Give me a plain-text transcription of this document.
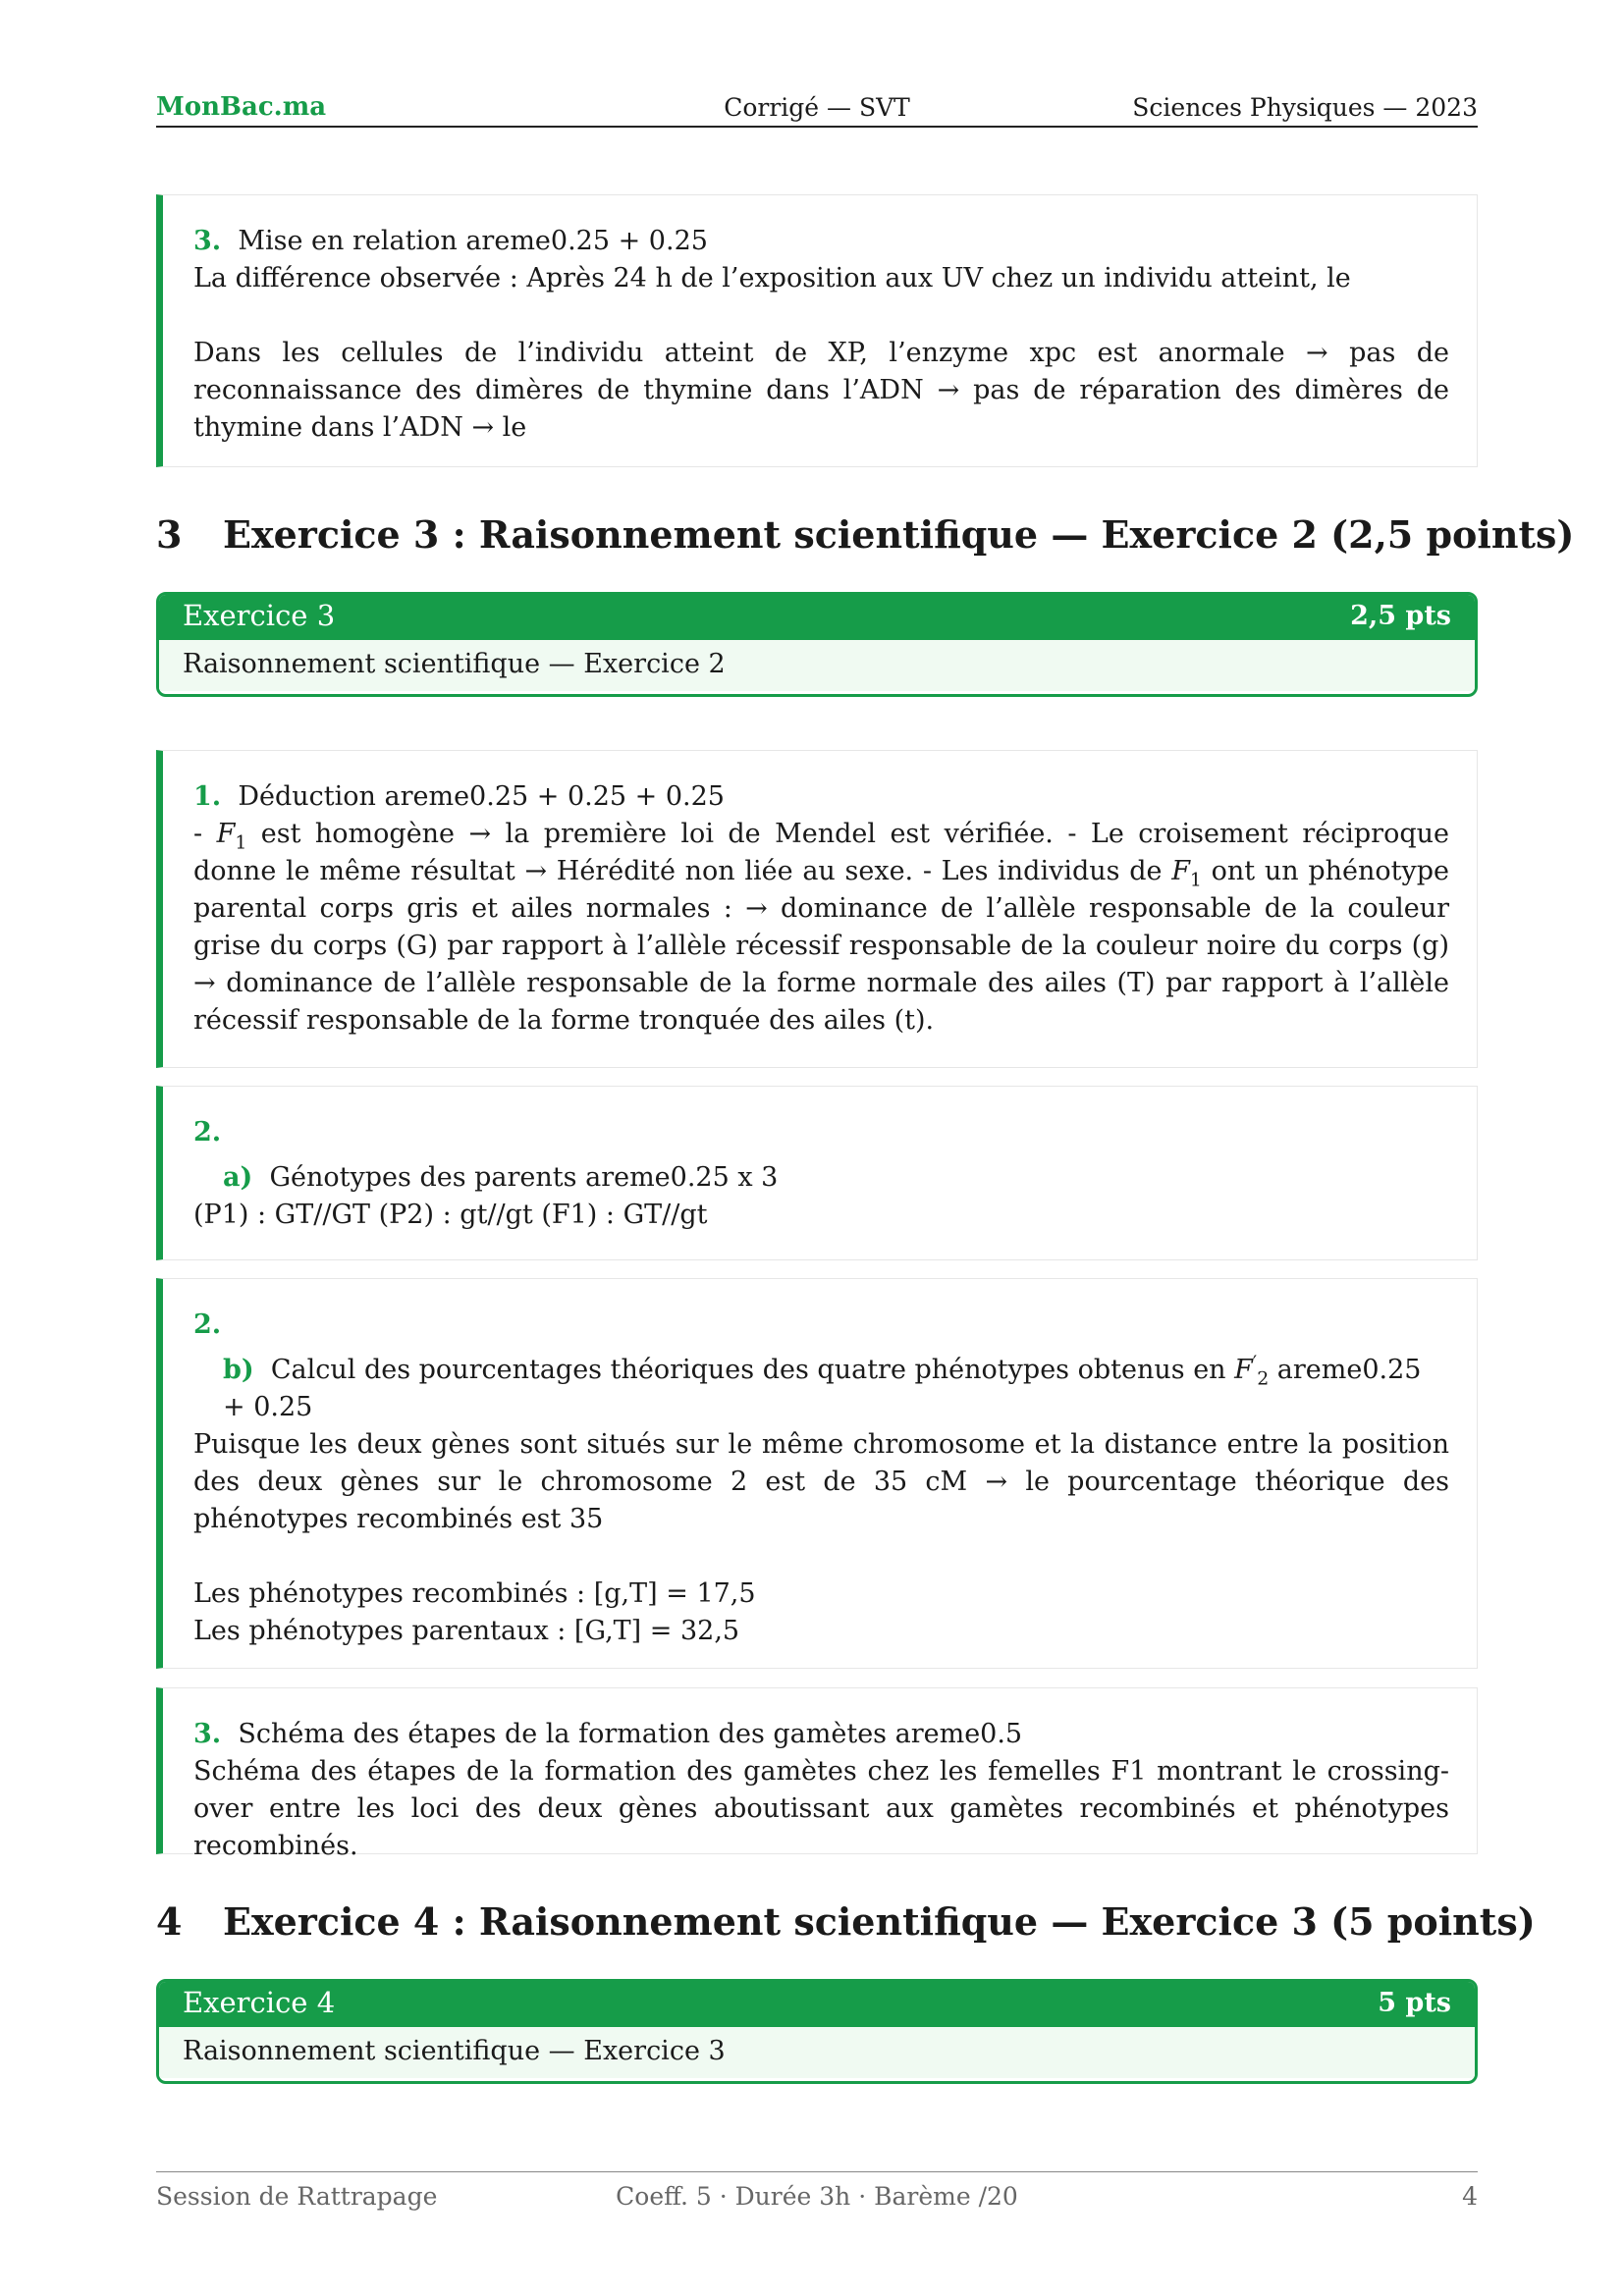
MonBac.ma	Corrigé — SVT	Sciences Physiques — 2023

3. Mise en relation areme0.25 + 0.25

La différence observée : Après 24 h de l’exposition aux UV chez un individu atteint, le

Dans les cellules de l’individu atteint de XP, l’enzyme xpc est anormale → pas de reconnaissance des dimères de thymine dans l’ADN → pas de réparation des dimères de thymine dans l’ADN → le

3 Exercice 3 : Raisonnement scientifique — Exercice 2 (2,5 points)
Exercice 3	2,5 pts
Raisonnement scientifique — Exercice 2

1. Déduction areme0.25 + 0.25 + 0.25

- $F_1$ est homogène → la première loi de Mendel est vérifiée. - Le croisement réciproque donne le même résultat → Hérédité non liée au sexe. - Les individus de $F_1$ ont un phénotype parental corps gris et ailes normales : → dominance de l’allèle responsable de la couleur grise du corps (G) par rapport à l’allèle récessif responsable de la couleur noire du corps (g) → dominance de l’allèle responsable de la forme normale des ailes (T) par rapport à l’allèle récessif responsable de la forme tronquée des ailes (t).

2.

a) Génotypes des parents areme0.25 x 3

(P1) : GT//GT (P2) : gt//gt (F1) : GT//gt

2.

b) Calcul des pourcentages théoriques des quatre phénotypes obtenus en $F'_2$ areme0.25 + 0.25

Puisque les deux gènes sont situés sur le même chromosome et la distance entre la position des deux gènes sur le chromosome 2 est de 35 cM → le pourcentage théorique des phénotypes recombinés est 35

Les phénotypes recombinés : [g,T] = 17,5

Les phénotypes parentaux : [G,T] = 32,5

3. Schéma des étapes de la formation des gamètes areme0.5

Schéma des étapes de la formation des gamètes chez les femelles F1 montrant le crossing-over entre les loci des deux gènes aboutissant aux gamètes recombinés et phénotypes recombinés.

4 Exercice 4 : Raisonnement scientifique — Exercice 3 (5 points)
Exercice 4	5 pts
Raisonnement scientifique — Exercice 3
Session de Rattrapage	Coeff. 5 · Durée 3h · Barème /20	4
